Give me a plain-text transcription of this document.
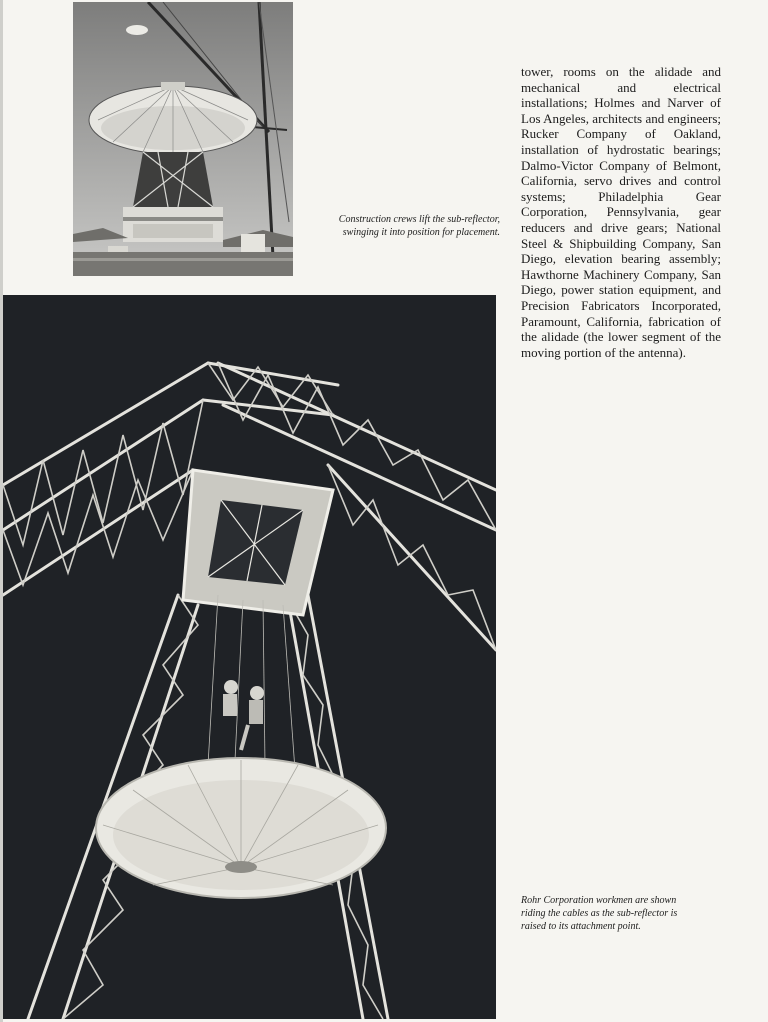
Construction crews lift the sub-reflector,
swinging it into position for placement.
tower, rooms on the alidade and mechanical and electrical installations; Holmes and Narver of Los Angeles, architects and engineers; Rucker Company of Oakland, installation of hydrostatic bearings; Dalmo-Victor Company of Belmont, California, servo drives and control systems; Philadelphia Gear Corporation, Pennsylvania, gear reducers and drive gears; National Steel & Shipbuilding Company, San Diego, elevation bearing assembly; Hawthorne Machinery Company, San Diego, power station equipment, and Precision Fabricators Incorporated, Paramount, California, fabrication of the alidade (the lower segment of the moving portion of the antenna).
Rohr Corporation workmen are shown
riding the cables as the sub-reflector is
raised to its attachment point.
